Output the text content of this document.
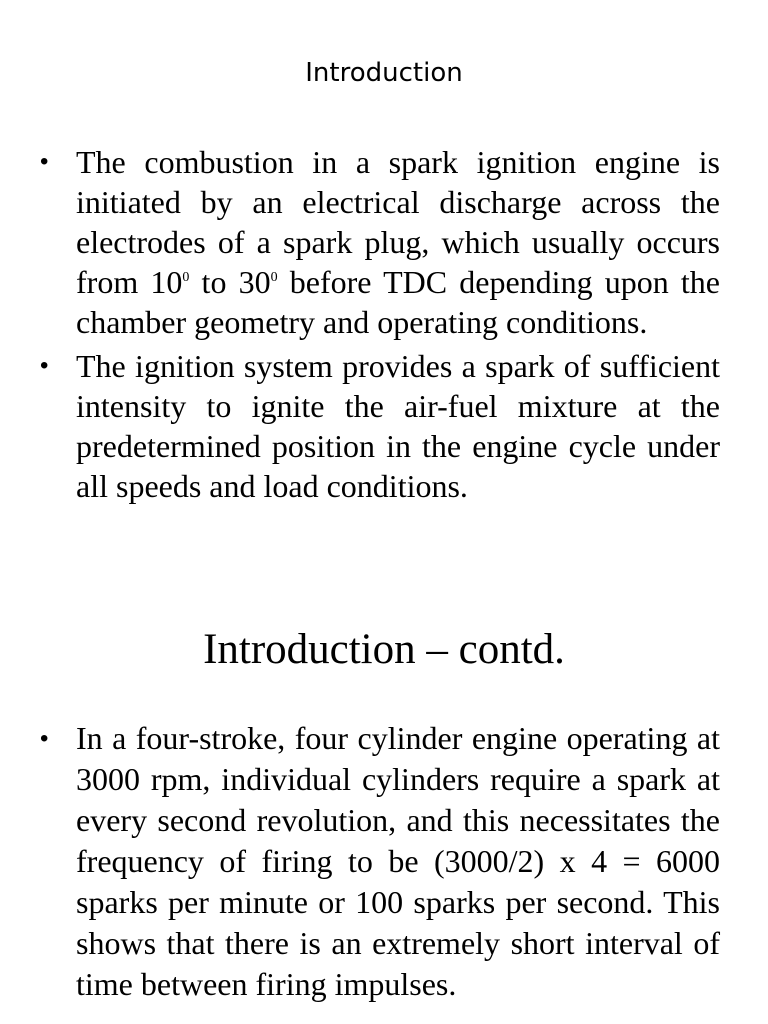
Introduction
• The combustion in a spark ignition engine is initiated by an electrical discharge across the electrodes of a spark plug, which usually occurs from $10^0$ to $30^0$ before TDC depending upon the chamber geometry and operating conditions.
• The ignition system provides a spark of sufficient intensity to ignite the air-fuel mixture at the predetermined position in the engine cycle under all speeds and load conditions.
Introduction – contd.
• In a four-stroke, four cylinder engine operating at 3000 rpm, individual cylinders require a spark at every second revolution, and this necessitates the frequency of firing to be (3000/2) x 4 = 6000 sparks per minute or 100 sparks per second. This shows that there is an extremely short interval of time between firing impulses.
